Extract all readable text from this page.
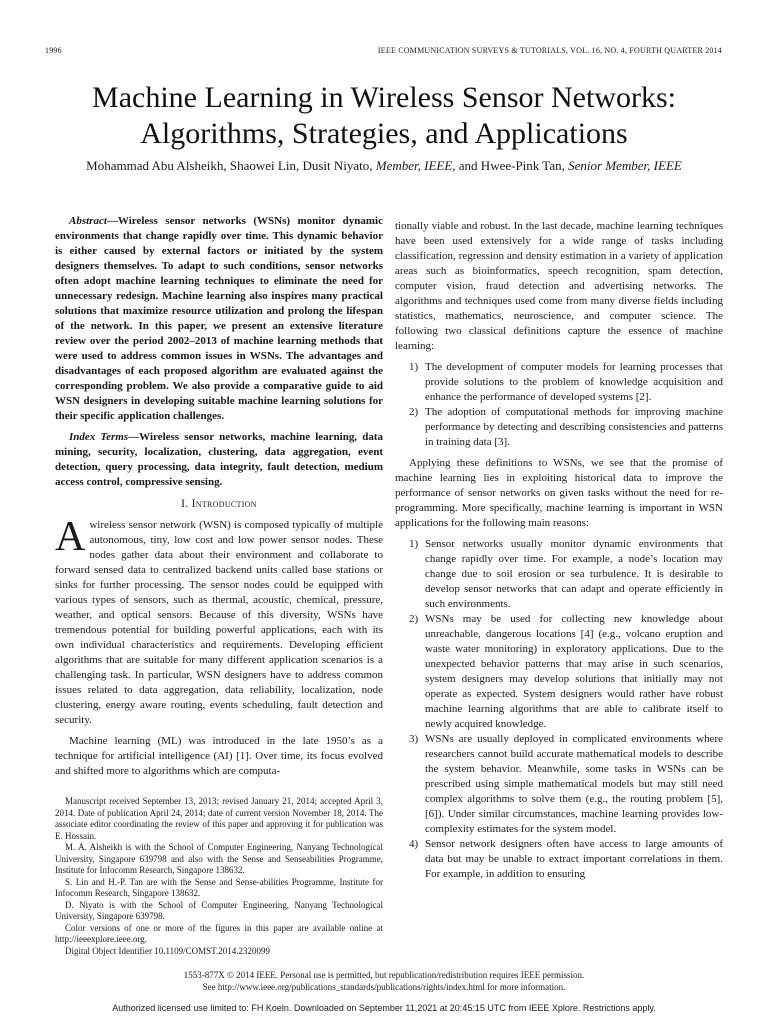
1996	IEEE COMMUNICATION SURVEYS & TUTORIALS, VOL. 16, NO. 4, FOURTH QUARTER 2014
Machine Learning in Wireless Sensor Networks:
Algorithms, Strategies, and Applications
Mohammad Abu Alsheikh, Shaowei Lin, Dusit Niyato, Member, IEEE, and Hwee-Pink Tan, Senior Member, IEEE

Abstract—Wireless sensor networks (WSNs) monitor dynamic environments that change rapidly over time. This dynamic behavior is either caused by external factors or initiated by the system designers themselves. To adapt to such conditions, sensor networks often adopt machine learning techniques to eliminate the need for unnecessary redesign. Machine learning also inspires many practical solutions that maximize resource utilization and prolong the lifespan of the network. In this paper, we present an extensive literature review over the period 2002–2013 of machine learning methods that were used to address common issues in WSNs. The advantages and disadvantages of each proposed algorithm are evaluated against the corresponding problem. We also provide a comparative guide to aid WSN designers in developing suitable machine learning solutions for their specific application challenges.

Index Terms—Wireless sensor networks, machine learning, data mining, security, localization, clustering, data aggregation, event detection, query processing, data integrity, fault detection, medium access control, compressive sensing.

I. Introduction

Awireless sensor network (WSN) is composed typically of multiple autonomous, tiny, low cost and low power sensor nodes. These nodes gather data about their environment and collaborate to forward sensed data to centralized backend units called base stations or sinks for further processing. The sensor nodes could be equipped with various types of sensors, such as thermal, acoustic, chemical, pressure, weather, and optical sensors. Because of this diversity, WSNs have tremendous potential for building powerful applications, each with its own individual characteristics and requirements. Developing efficient algorithms that are suitable for many different application scenarios is a challenging task. In particular, WSN designers have to address common issues related to data aggregation, data reliability, localization, node clustering, energy aware routing, events scheduling, fault detection and security.

Machine learning (ML) was introduced in the late 1950’s as a technique for artificial intelligence (AI) [1]. Over time, its focus evolved and shifted more to algorithms which are computa-

Manuscript received September 13, 2013; revised January 21, 2014; accepted April 3, 2014. Date of publication April 24, 2014; date of current version November 18, 2014. The associate editor coordinating the review of this paper and approving it for publication was E. Hossain.

M. A. Alsheikh is with the School of Computer Engineering, Nanyang Technological University, Singapore 639798 and also with the Sense and Senseabilities Programme, Institute for Infocomm Research, Singapore 138632.

S. Lin and H.-P. Tan are with the Sense and Sense-abilities Programme, Institute for Infocomm Research, Singapore 138632.

D. Niyato is with the School of Computer Engineering, Nanyang Technological University, Singapore 639798.

Color versions of one or more of the figures in this paper are available online at http://ieeexplore.ieee.org.

Digital Object Identifier 10.1109/COMST.2014.2320099

tionally viable and robust. In the last decade, machine learning techniques have been used extensively for a wide range of tasks including classification, regression and density estimation in a variety of application areas such as bioinformatics, speech recognition, spam detection, computer vision, fraud detection and advertising networks. The algorithms and techniques used come from many diverse fields including statistics, mathematics, neuroscience, and computer science. The following two classical definitions capture the essence of machine learning:

1) The development of computer models for learning processes that provide solutions to the problem of knowledge acquisition and enhance the performance of developed systems [2].
2) The adoption of computational methods for improving machine performance by detecting and describing consistencies and patterns in training data [3].

Applying these definitions to WSNs, we see that the promise of machine learning lies in exploiting historical data to improve the performance of sensor networks on given tasks without the need for re-programming. More specifically, machine learning is important in WSN applications for the following main reasons:

1) Sensor networks usually monitor dynamic environments that change rapidly over time. For example, a node’s location may change due to soil erosion or sea turbulence. It is desirable to develop sensor networks that can adapt and operate efficiently in such environments.
2) WSNs may be used for collecting new knowledge about unreachable, dangerous locations [4] (e.g., volcano eruption and waste water monitoring) in exploratory applications. Due to the unexpected behavior patterns that may arise in such scenarios, system designers may develop solutions that initially may not operate as expected. System designers would rather have robust machine learning algorithms that are able to calibrate itself to newly acquired knowledge.
3) WSNs are usually deployed in complicated environments where researchers cannot build accurate mathematical models to describe the system behavior. Meanwhile, some tasks in WSNs can be prescribed using simple mathematical models but may still need complex algorithms to solve them (e.g., the routing problem [5], [6]). Under similar circumstances, machine learning provides low-complexity estimates for the system model.
4) Sensor network designers often have access to large amounts of data but may be unable to extract important correlations in them. For example, in addition to ensuring
1553-877X © 2014 IEEE. Personal use is permitted, but republication/redistribution requires IEEE permission.
See http://www.ieee.org/publications_standards/publications/rights/index.html for more information.
Authorized licensed use limited to: FH Koeln. Downloaded on September 11,2021 at 20:45:15 UTC from IEEE Xplore. Restrictions apply.
